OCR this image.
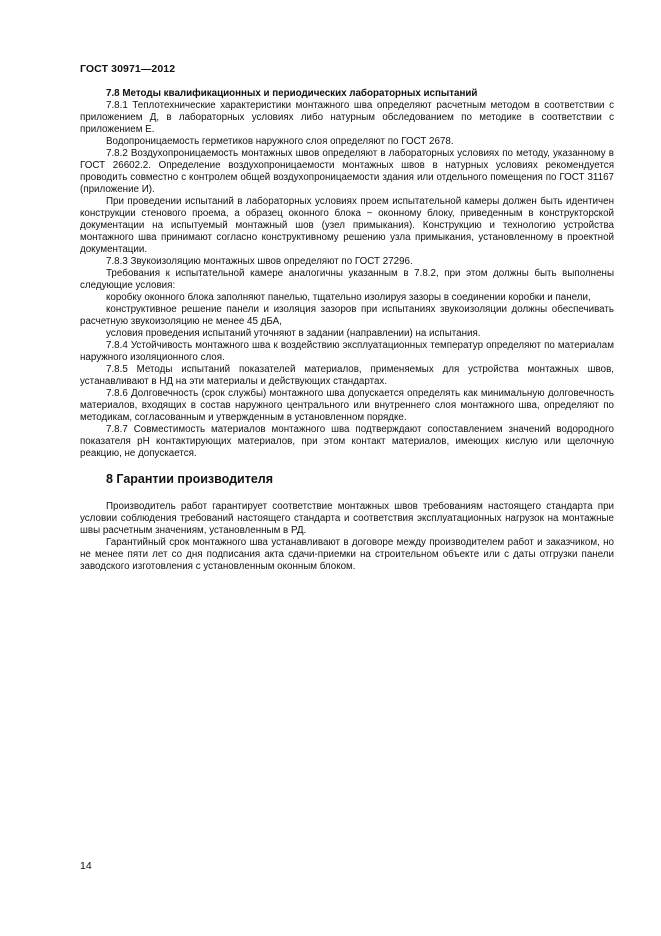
ГОСТ 30971—2012
7.8 Методы квалификационных и периодических лабораторных испытаний

7.8.1 Теплотехнические характеристики монтажного шва определяют расчетным методом в соответствии с приложением Д, в лабораторных условиях либо натурным обследованием по методике в соответствии с приложением Е.

Водопроницаемость герметиков наружного слоя определяют по ГОСТ 2678.

7.8.2 Воздухопроницаемость монтажных швов определяют в лабораторных условиях по методу, указанному в ГОСТ 26602.2. Определение воздухопроницаемости монтажных швов в натурных условиях рекомендуется проводить совместно с контролем общей воздухопроницаемости здания или отдельного помещения по ГОСТ 31167 (приложение И).

При проведении испытаний в лабораторных условиях проем испытательной камеры должен быть идентичен конструкции стенового проема, а образец оконного блока − оконному блоку, приведенным в конструкторской документации на испытуемый монтажный шов (узел примыкания). Конструкцию и технологию устройства монтажного шва принимают согласно конструктивному решению узла примыкания, установленному в проектной документации.

7.8.3 Звукоизоляцию монтажных швов определяют по ГОСТ 27296.

Требования к испытательной камере аналогичны указанным в 7.8.2, при этом должны быть выполнены следующие условия:

коробку оконного блока заполняют панелью, тщательно изолируя зазоры в соединении коробки и панели,

конструктивное решение панели и изоляция зазоров при испытаниях звукоизоляции должны обеспечивать расчетную звукоизоляцию не менее 45 дБА,

условия проведения испытаний уточняют в задании (направлении) на испытания.

7.8.4 Устойчивость монтажного шва к воздействию эксплуатационных температур определяют по материалам наружного изоляционного слоя.

7.8.5 Методы испытаний показателей материалов, применяемых для устройства монтажных швов, устанавливают в НД на эти материалы и действующих стандартах.

7.8.6 Долговечность (срок службы) монтажного шва допускается определять как минимальную долговечность материалов, входящих в состав наружного центрального или внутреннего слоя монтажного шва, определяют по методикам, согласованным и утвержденным в установленном порядке.

7.8.7 Совместимость материалов монтажного шва подтверждают сопоставлением значений водородного показателя pH контактирующих материалов, при этом контакт материалов, имеющих кислую или щелочную реакцию, не допускается.

8 Гарантии производителя

Производитель работ гарантирует соответствие монтажных швов требованиям настоящего стандарта при условии соблюдения требований настоящего стандарта и соответствия эксплуатационных нагрузок на монтажные швы расчетным значениям, установленным в РД.

Гарантийный срок монтажного шва устанавливают в договоре между производителем работ и заказчиком, но не менее пяти лет со дня подписания акта сдачи-приемки на строительном объекте или с даты отгрузки панели заводского изготовления с установленным оконным блоком.

14
